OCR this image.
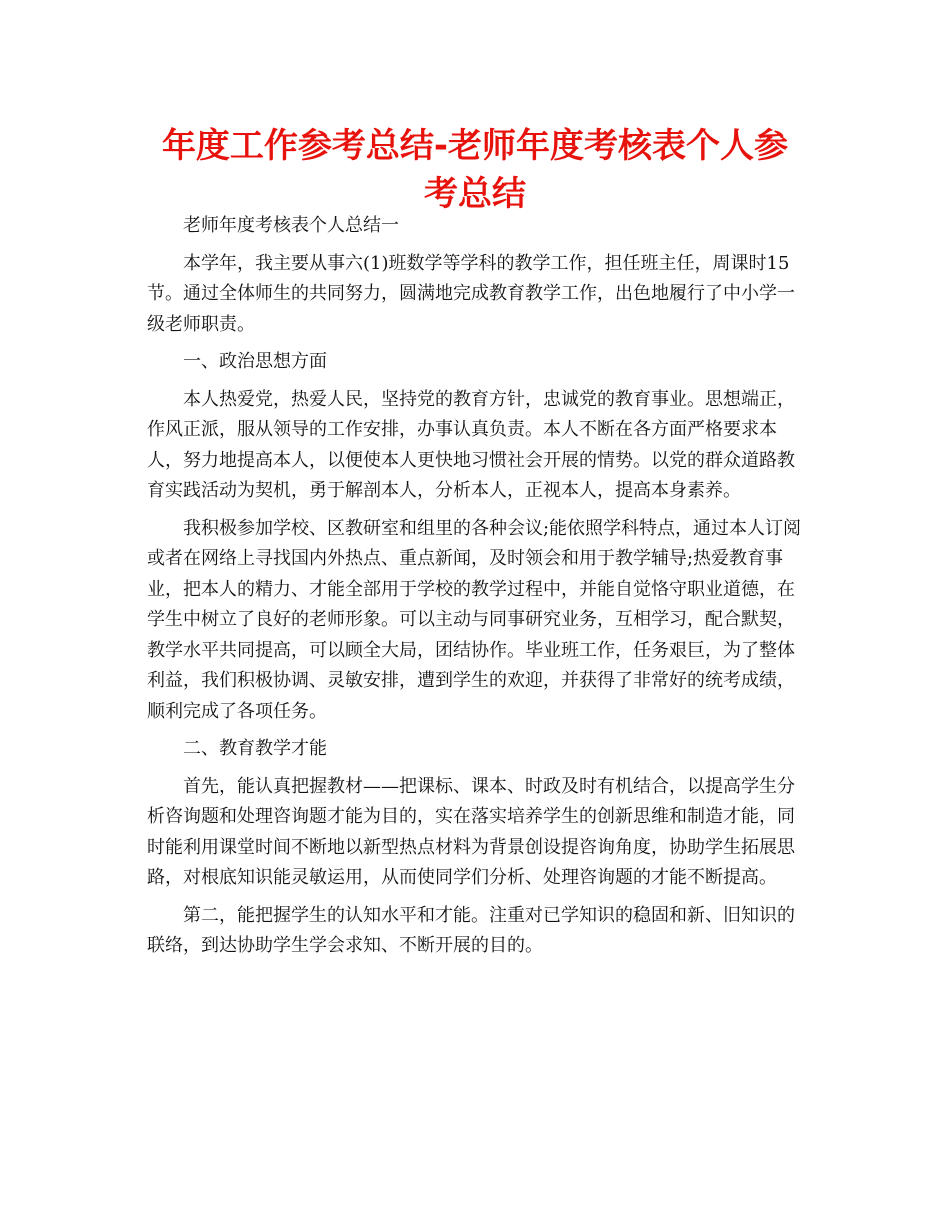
年度工作参考总结-老师年度考核表个人参考总结

老师年度考核表个人总结一

本学年，我主要从事六(1)班数学等学科的教学工作，担任班主任，周课时15节。通过全体师生的共同努力，圆满地完成教育教学工作，出色地履行了中小学一级老师职责。

一、政治思想方面

本人热爱党，热爱人民，坚持党的教育方针，忠诚党的教育事业。思想端正，作风正派，服从领导的工作安排，办事认真负责。本人不断在各方面严格要求本人，努力地提高本人，以便使本人更快地习惯社会开展的情势。以党的群众道路教育实践活动为契机，勇于解剖本人，分析本人，正视本人，提高本身素养。

我积极参加学校、区教研室和组里的各种会议;能依照学科特点，通过本人订阅或者在网络上寻找国内外热点、重点新闻，及时领会和用于教学辅导;热爱教育事业，把本人的精力、才能全部用于学校的教学过程中，并能自觉恪守职业道德，在学生中树立了良好的老师形象。可以主动与同事研究业务，互相学习，配合默契，教学水平共同提高，可以顾全大局，团结协作。毕业班工作，任务艰巨，为了整体利益，我们积极协调、灵敏安排，遭到学生的欢迎，并获得了非常好的统考成绩，顺利完成了各项任务。

二、教育教学才能

首先，能认真把握教材——把课标、课本、时政及时有机结合，以提高学生分析咨询题和处理咨询题才能为目的，实在落实培养学生的创新思维和制造才能，同时能利用课堂时间不断地以新型热点材料为背景创设提咨询角度，协助学生拓展思路，对根底知识能灵敏运用，从而使同学们分析、处理咨询题的才能不断提高。

第二，能把握学生的认知水平和才能。注重对已学知识的稳固和新、旧知识的联络，到达协助学生学会求知、不断开展的目的。
